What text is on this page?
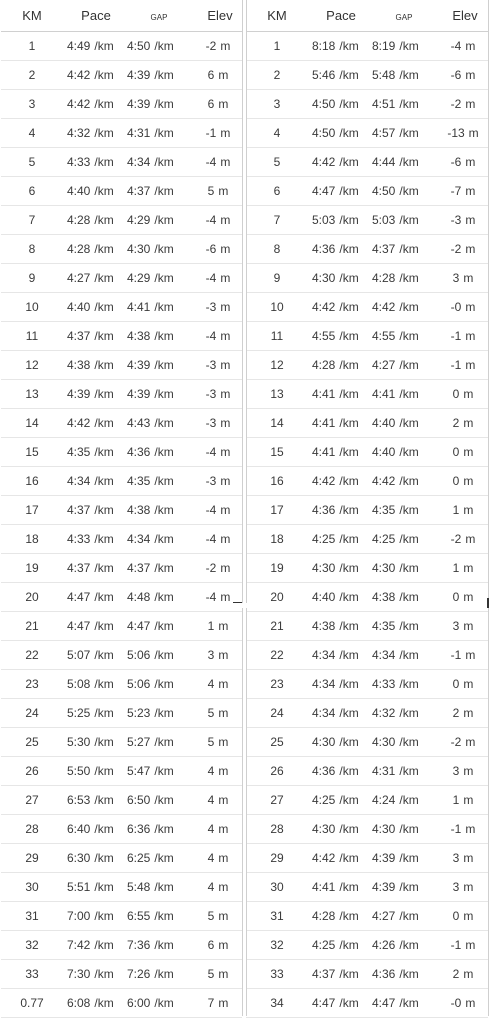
KM	Pace	GAP	Elev
1	4:49 /km 4:50 /km	-2 m
2	4:42 /km 4:39 /km	6 m
3	4:42 /km 4:39 /km	6 m
4	4:32 /km 4:31 /km	-1 m
5	4:33 /km 4:34 /km	-4 m
6	4:40 /km 4:37 /km	5 m
7	4:28 /km 4:29 /km	-4 m
8	4:28 /km 4:30 /km	-6 m
9	4:27 /km 4:29 /km	-4 m
10	4:40 /km 4:41 /km	-3 m
11	4:37 /km 4:38 /km	-4 m
12	4:38 /km 4:39 /km	-3 m
13	4:39 /km 4:39 /km	-3 m
14	4:42 /km 4:43 /km	-3 m
15	4:35 /km 4:36 /km	-4 m
16	4:34 /km 4:35 /km	-3 m
17	4:37 /km 4:38 /km	-4 m
18	4:33 /km 4:34 /km	-4 m
19	4:37 /km 4:37 /km	-2 m
20	4:47 /km 4:48 /km	-4 m
21	4:47 /km 4:47 /km	1 m
22	5:07 /km 5:06 /km	3 m
23	5:08 /km 5:06 /km	4 m
24	5:25 /km 5:23 /km	5 m
25	5:30 /km 5:27 /km	5 m
26	5:50 /km 5:47 /km	4 m
27	6:53 /km 6:50 /km	4 m
28	6:40 /km 6:36 /km	4 m
29	6:30 /km 6:25 /km	4 m
30	5:51 /km 5:48 /km	4 m
31	7:00 /km 6:55 /km	5 m
32	7:42 /km 7:36 /km	6 m
33	7:30 /km 7:26 /km	5 m
0.77	6:08 /km 6:00 /km	7 m
KM	Pace	GAP	Elev
1	8:18 /km 8:19 /km	-4 m
2	5:46 /km 5:48 /km	-6 m
3	4:50 /km 4:51 /km	-2 m
4	4:50 /km 4:57 /km -13 m
5	4:42 /km 4:44 /km	-6 m
6	4:47 /km 4:50 /km	-7 m
7	5:03 /km 5:03 /km	-3 m
8	4:36 /km 4:37 /km	-2 m
9	4:30 /km 4:28 /km	3 m
10	4:42 /km 4:42 /km	-0 m
11	4:55 /km 4:55 /km	-1 m
12	4:28 /km 4:27 /km	-1 m
13	4:41 /km 4:41 /km	0 m
14	4:41 /km 4:40 /km	2 m
15	4:41 /km 4:40 /km	0 m
16	4:42 /km 4:42 /km	0 m
17	4:36 /km 4:35 /km	1 m
18	4:25 /km 4:25 /km	-2 m
19	4:30 /km 4:30 /km	1 m
20	4:40 /km 4:38 /km	0 m
21	4:38 /km 4:35 /km	3 m
22	4:34 /km 4:34 /km	-1 m
23	4:34 /km 4:33 /km	0 m
24	4:34 /km 4:32 /km	2 m
25	4:30 /km 4:30 /km	-2 m
26	4:36 /km 4:31 /km	3 m
27	4:25 /km 4:24 /km	1 m
28	4:30 /km 4:30 /km	-1 m
29	4:42 /km 4:39 /km	3 m
30	4:41 /km 4:39 /km	3 m
31	4:28 /km 4:27 /km	0 m
32	4:25 /km 4:26 /km	-1 m
33	4:37 /km 4:36 /km	2 m
34	4:47 /km 4:47 /km	-0 m
